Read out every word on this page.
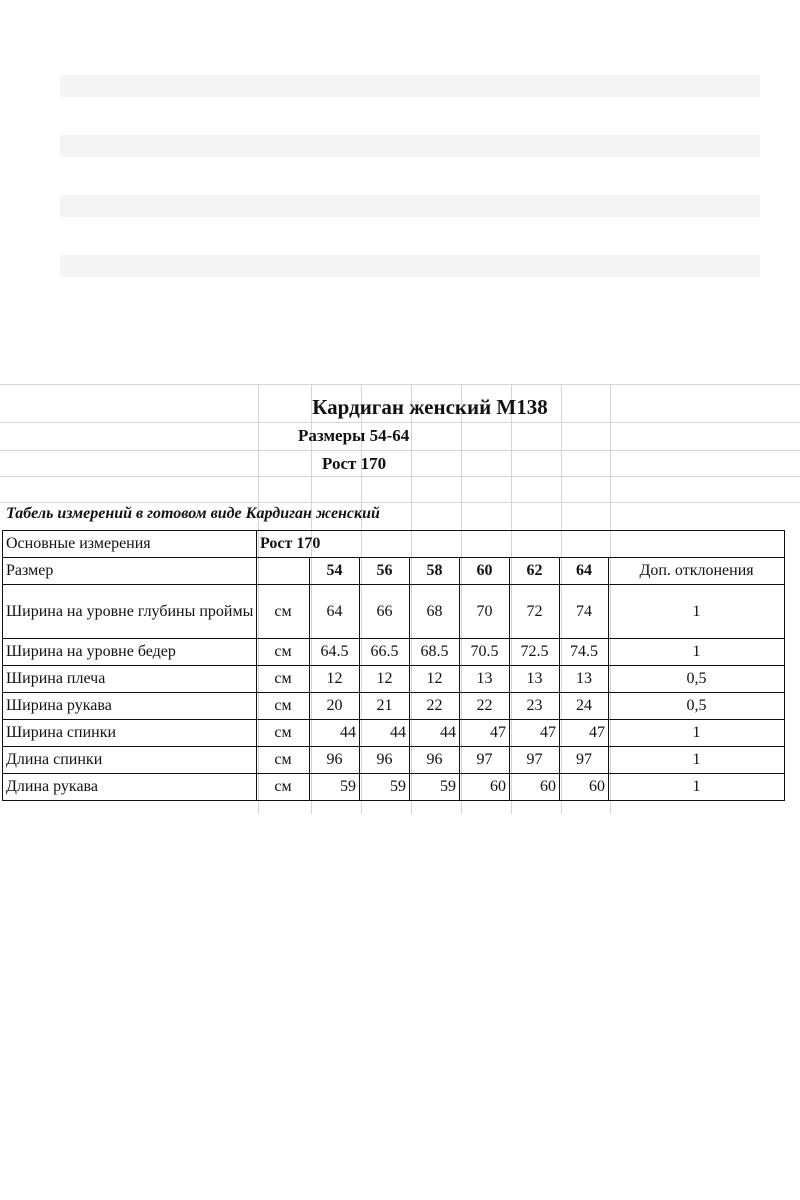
Кардиган женский М138
Размеры 54-64
Рост 170
Табель измерений в готовом виде Кардиган женский
Основные измерения	Рост 170							
Размер		54	56	58	60	62	64	Доп. отклонения
Ширина на уровне глубины проймы	см	64	66	68	70	72	74	1
Ширина на уровне бедер	см	64.5	66.5	68.5	70.5	72.5	74.5	1
Ширина плеча	см	12	12	12	13	13	13	0,5
Ширина рукава	см	20	21	22	22	23	24	0,5
Ширина спинки	см	44	44	44	47	47	47	1
Длина спинки	см	96	96	96	97	97	97	1
Длина рукава	см	59	59	59	60	60	60	1
